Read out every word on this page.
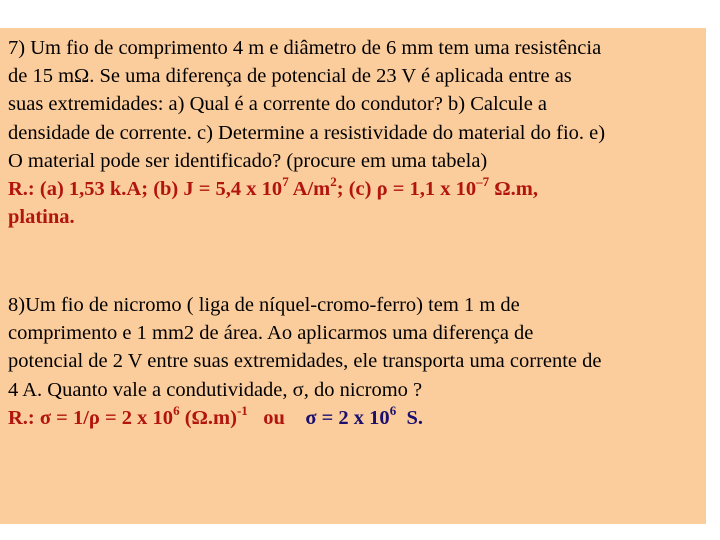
7) Um fio de comprimento 4 m e diâmetro de 6 mm tem uma resistência
de 15 mΩ. Se uma diferença de potencial de 23 V é aplicada entre as
suas extremidades: a) Qual é a corrente do condutor? b) Calcule a
densidade de corrente. c) Determine a resistividade do material do fio. e)
O material pode ser identificado? (procure em uma tabela)
R.: (a) 1,53 k.A; (b) J = 5,4 x $10^7$ $A/m^2$; (c) ρ = 1,1 x $10^{-7}$ Ω.m,
platina.
8)Um fio de nicromo ( liga de níquel-cromo-ferro) tem 1 m de
comprimento e 1 mm2 de área. Ao aplicarmos uma diferença de
potencial de 2 V entre suas extremidades, ele transporta uma corrente de
4 A. Quanto vale a condutividade, σ, do nicromo ?
R.: σ = 1/ρ = 2 x $10^6$ $(\Omega.m)^{-1}$   ou    σ = 2 x $10^6$  S.
